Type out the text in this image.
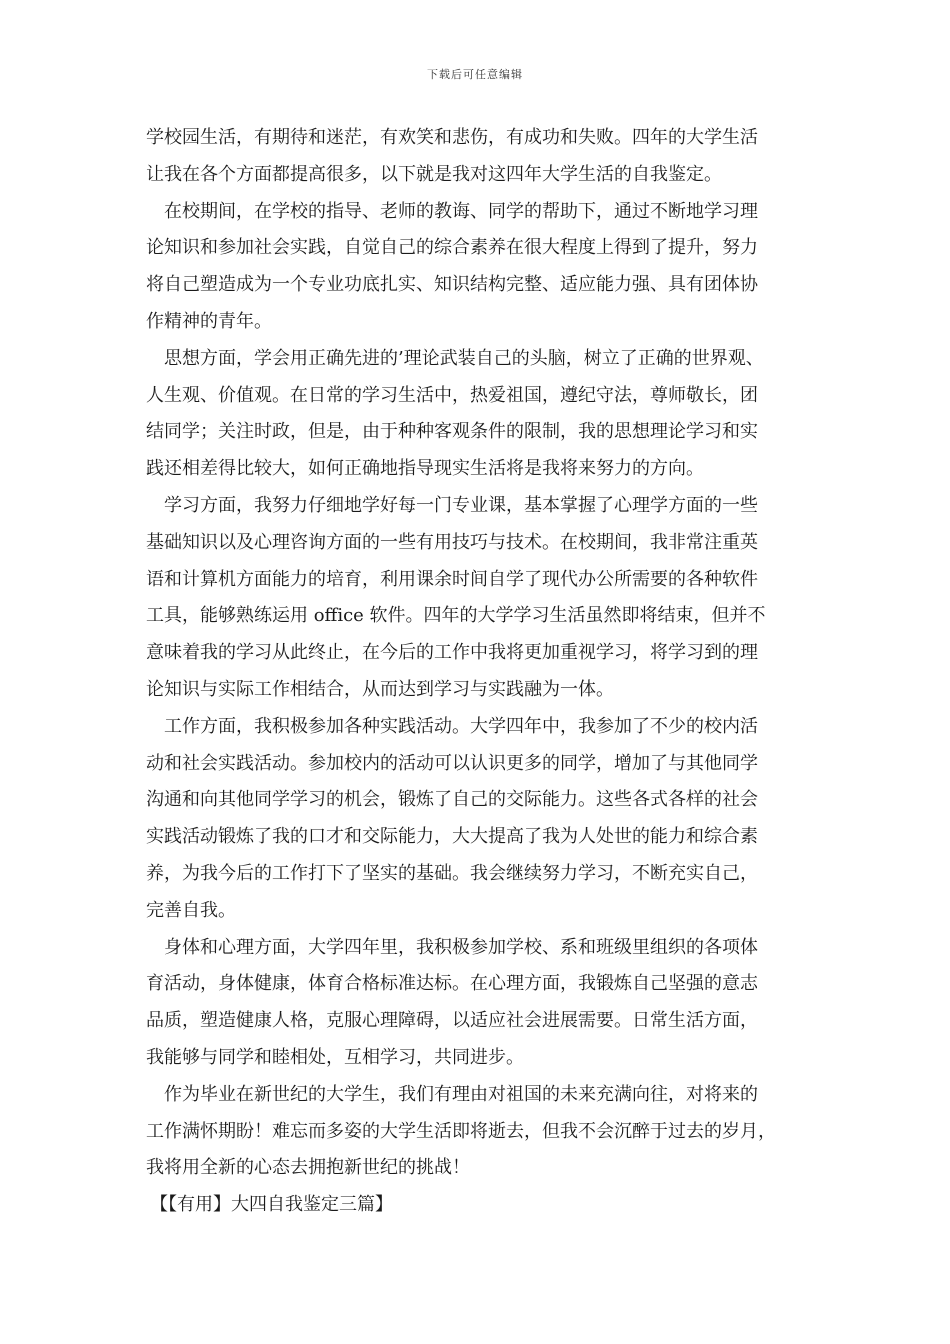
下载后可任意编辑
学校园生活，有期待和迷茫，有欢笑和悲伤，有成功和失败。四年的大学生活
让我在各个方面都提高很多，以下就是我对这四年大学生活的自我鉴定。
在校期间，在学校的指导、老师的教诲、同学的帮助下，通过不断地学习理
论知识和参加社会实践，自觉自己的综合素养在很大程度上得到了提升，努力
将自己塑造成为一个专业功底扎实、知识结构完整、适应能力强、具有团体协
作精神的青年。
思想方面，学会用正确先进的’理论武装自己的头脑，树立了正确的世界观、
人生观、价值观。在日常的学习生活中，热爱祖国，遵纪守法，尊师敬长，团
结同学；关注时政，但是，由于种种客观条件的限制，我的思想理论学习和实
践还相差得比较大，如何正确地指导现实生活将是我将来努力的方向。
学习方面，我努力仔细地学好每一门专业课，基本掌握了心理学方面的一些
基础知识以及心理咨询方面的一些有用技巧与技术。在校期间，我非常注重英
语和计算机方面能力的培育，利用课余时间自学了现代办公所需要的各种软件
工具，能够熟练运用 office 软件。四年的大学学习生活虽然即将结束，但并不
意味着我的学习从此终止，在今后的工作中我将更加重视学习，将学习到的理
论知识与实际工作相结合，从而达到学习与实践融为一体。
工作方面，我积极参加各种实践活动。大学四年中，我参加了不少的校内活
动和社会实践活动。参加校内的活动可以认识更多的同学，增加了与其他同学
沟通和向其他同学学习的机会，锻炼了自己的交际能力。这些各式各样的社会
实践活动锻炼了我的口才和交际能力，大大提高了我为人处世的能力和综合素
养，为我今后的工作打下了坚实的基础。我会继续努力学习，不断充实自己，
完善自我。
身体和心理方面，大学四年里，我积极参加学校、系和班级里组织的各项体
育活动，身体健康，体育合格标准达标。在心理方面，我锻炼自己坚强的意志
品质，塑造健康人格，克服心理障碍，以适应社会进展需要。日常生活方面，
我能够与同学和睦相处，互相学习，共同进步。
作为毕业在新世纪的大学生，我们有理由对祖国的未来充满向往，对将来的
工作满怀期盼！难忘而多姿的大学生活即将逝去，但我不会沉醉于过去的岁月，
我将用全新的心态去拥抱新世纪的挑战！
【【有用】大四自我鉴定三篇】
